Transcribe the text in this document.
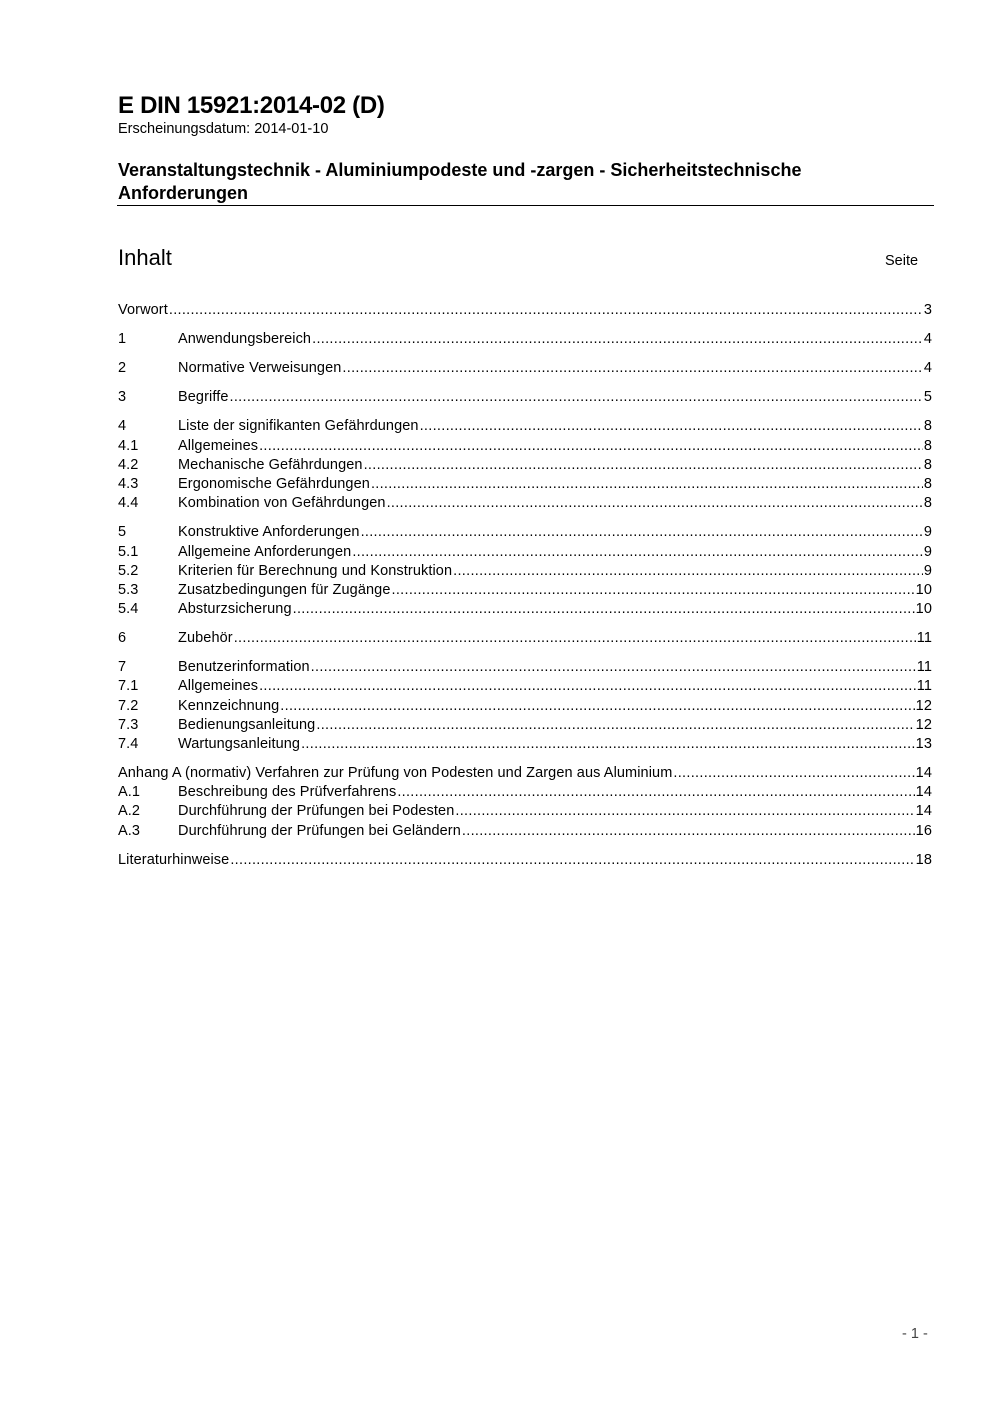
E DIN 15921:2014-02 (D)
Erscheinungsdatum: 2014-01-10
Veranstaltungstechnik - Aluminiumpodeste und -zargen - Sicherheitstechnische Anforderungen
Inhalt	Seite
Vorwort .....	3
1	Anwendungsbereich .....	4
2	Normative Verweisungen .....	4
3	Begriffe .....	5
4	Liste der signifikanten Gefährdungen .....	8
4.1	Allgemeines .....	8
4.2	Mechanische Gefährdungen .....	8
4.3	Ergonomische Gefährdungen .....	8
4.4	Kombination von Gefährdungen .....	8
5	Konstruktive Anforderungen .....	9
5.1	Allgemeine Anforderungen .....	9
5.2	Kriterien für Berechnung und Konstruktion .....	9
5.3	Zusatzbedingungen für Zugänge .....	10
5.4	Absturzsicherung .....	10
6	Zubehör .....	11
7	Benutzerinformation .....	11
7.1	Allgemeines .....	11
7.2	Kennzeichnung .....	12
7.3	Bedienungsanleitung .....	12
7.4	Wartungsanleitung .....	13
Anhang A (normativ) Verfahren zur Prüfung von Podesten und Zargen aus Aluminium .....	14
A.1	Beschreibung des Prüfverfahrens .....	14
A.2	Durchführung der Prüfungen bei Podesten .....	14
A.3	Durchführung der Prüfungen bei Geländern .....	16
Literaturhinweise .....	18
- 1 -
